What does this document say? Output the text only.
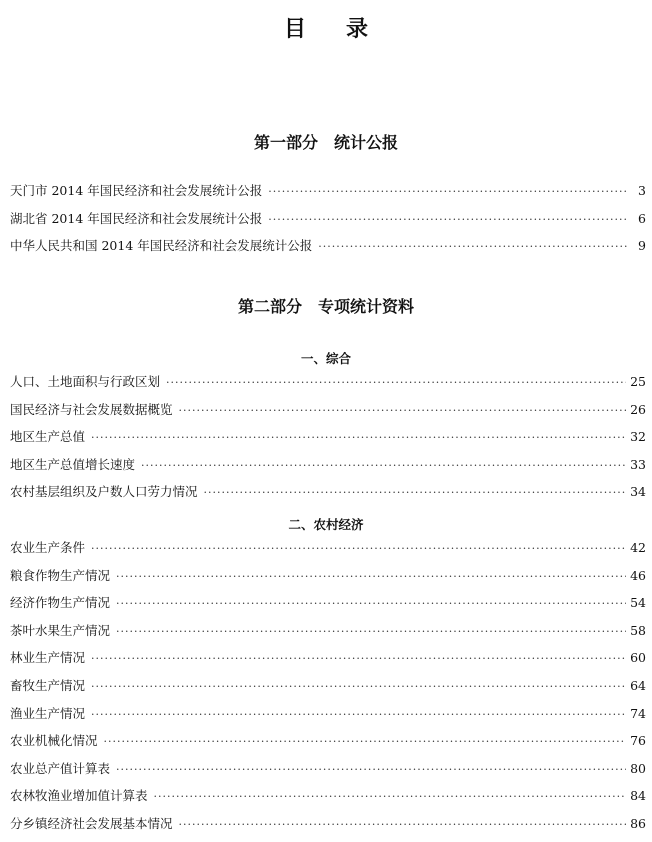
目录
第一部分　统计公报
天门市 2014 年国民经济和社会发展统计公报 ·····	3
湖北省 2014 年国民经济和社会发展统计公报 ·····	6
中华人民共和国 2014 年国民经济和社会发展统计公报 ·····	9
第二部分　专项统计资料
一、综合
人口、土地面积与行政区划 ·····	25
国民经济与社会发展数据概览 ·····	26
地区生产总值 ·····	32
地区生产总值增长速度 ·····	33
农村基层组织及户数人口劳力情况 ·····	34
二、农村经济
农业生产条件 ·····	42
粮食作物生产情况 ·····	46
经济作物生产情况 ·····	54
茶叶水果生产情况 ·····	58
林业生产情况 ·····	60
畜牧生产情况 ·····	64
渔业生产情况 ·····	74
农业机械化情况 ·····	76
农业总产值计算表 ·····	80
农林牧渔业增加值计算表 ·····	84
分乡镇经济社会发展基本情况 ·····	86
